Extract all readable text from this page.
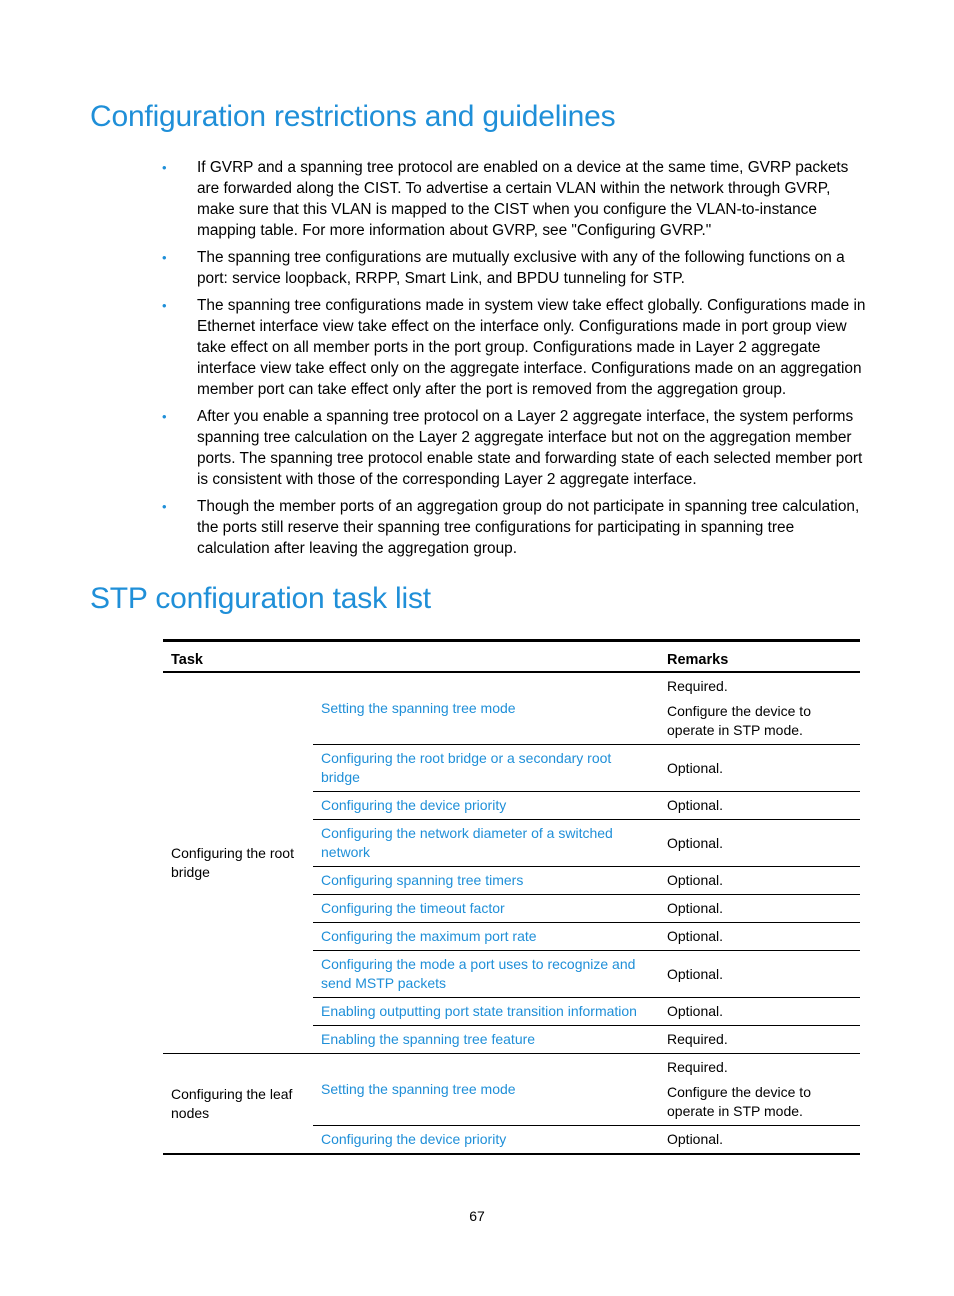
Configuration restrictions and guidelines
• If GVRP and a spanning tree protocol are enabled on a device at the same time, GVRP packets are forwarded along the CIST. To advertise a certain VLAN within the network through GVRP, make sure that this VLAN is mapped to the CIST when you configure the VLAN-to-instance mapping table. For more information about GVRP, see "Configuring GVRP."
• The spanning tree configurations are mutually exclusive with any of the following functions on a port: service loopback, RRPP, Smart Link, and BPDU tunneling for STP.
• The spanning tree configurations made in system view take effect globally. Configurations made in Ethernet interface view take effect on the interface only. Configurations made in port group view take effect on all member ports in the port group. Configurations made in Layer 2 aggregate interface view take effect only on the aggregate interface. Configurations made on an aggregation member port can take effect only after the port is removed from the aggregation group.
• After you enable a spanning tree protocol on a Layer 2 aggregate interface, the system performs spanning tree calculation on the Layer 2 aggregate interface but not on the aggregation member ports. The spanning tree protocol enable state and forwarding state of each selected member port is consistent with those of the corresponding Layer 2 aggregate interface.
• Though the member ports of an aggregation group do not participate in spanning tree calculation, the ports still reserve their spanning tree configurations for participating in spanning tree calculation after leaving the aggregation group.
STP configuration task list
Task		Remarks
Configuring the root bridge	Setting the spanning tree mode	Required.

Configure the device to operate in STP mode.

	Configuring the root bridge or a secondary root bridge	Optional.

	Configuring the device priority	Optional.

	Configuring the network diameter of a switched network	Optional.

	Configuring spanning tree timers	Optional.

	Configuring the timeout factor	Optional.

	Configuring the maximum port rate	Optional.

	Configuring the mode a port uses to recognize and send MSTP packets	Optional.

	Enabling outputting port state transition information	Optional.

	Enabling the spanning tree feature	Required.

Configuring the leaf nodes	Setting the spanning tree mode	Required.

Configure the device to operate in STP mode.

	Configuring the device priority	Optional.

67
